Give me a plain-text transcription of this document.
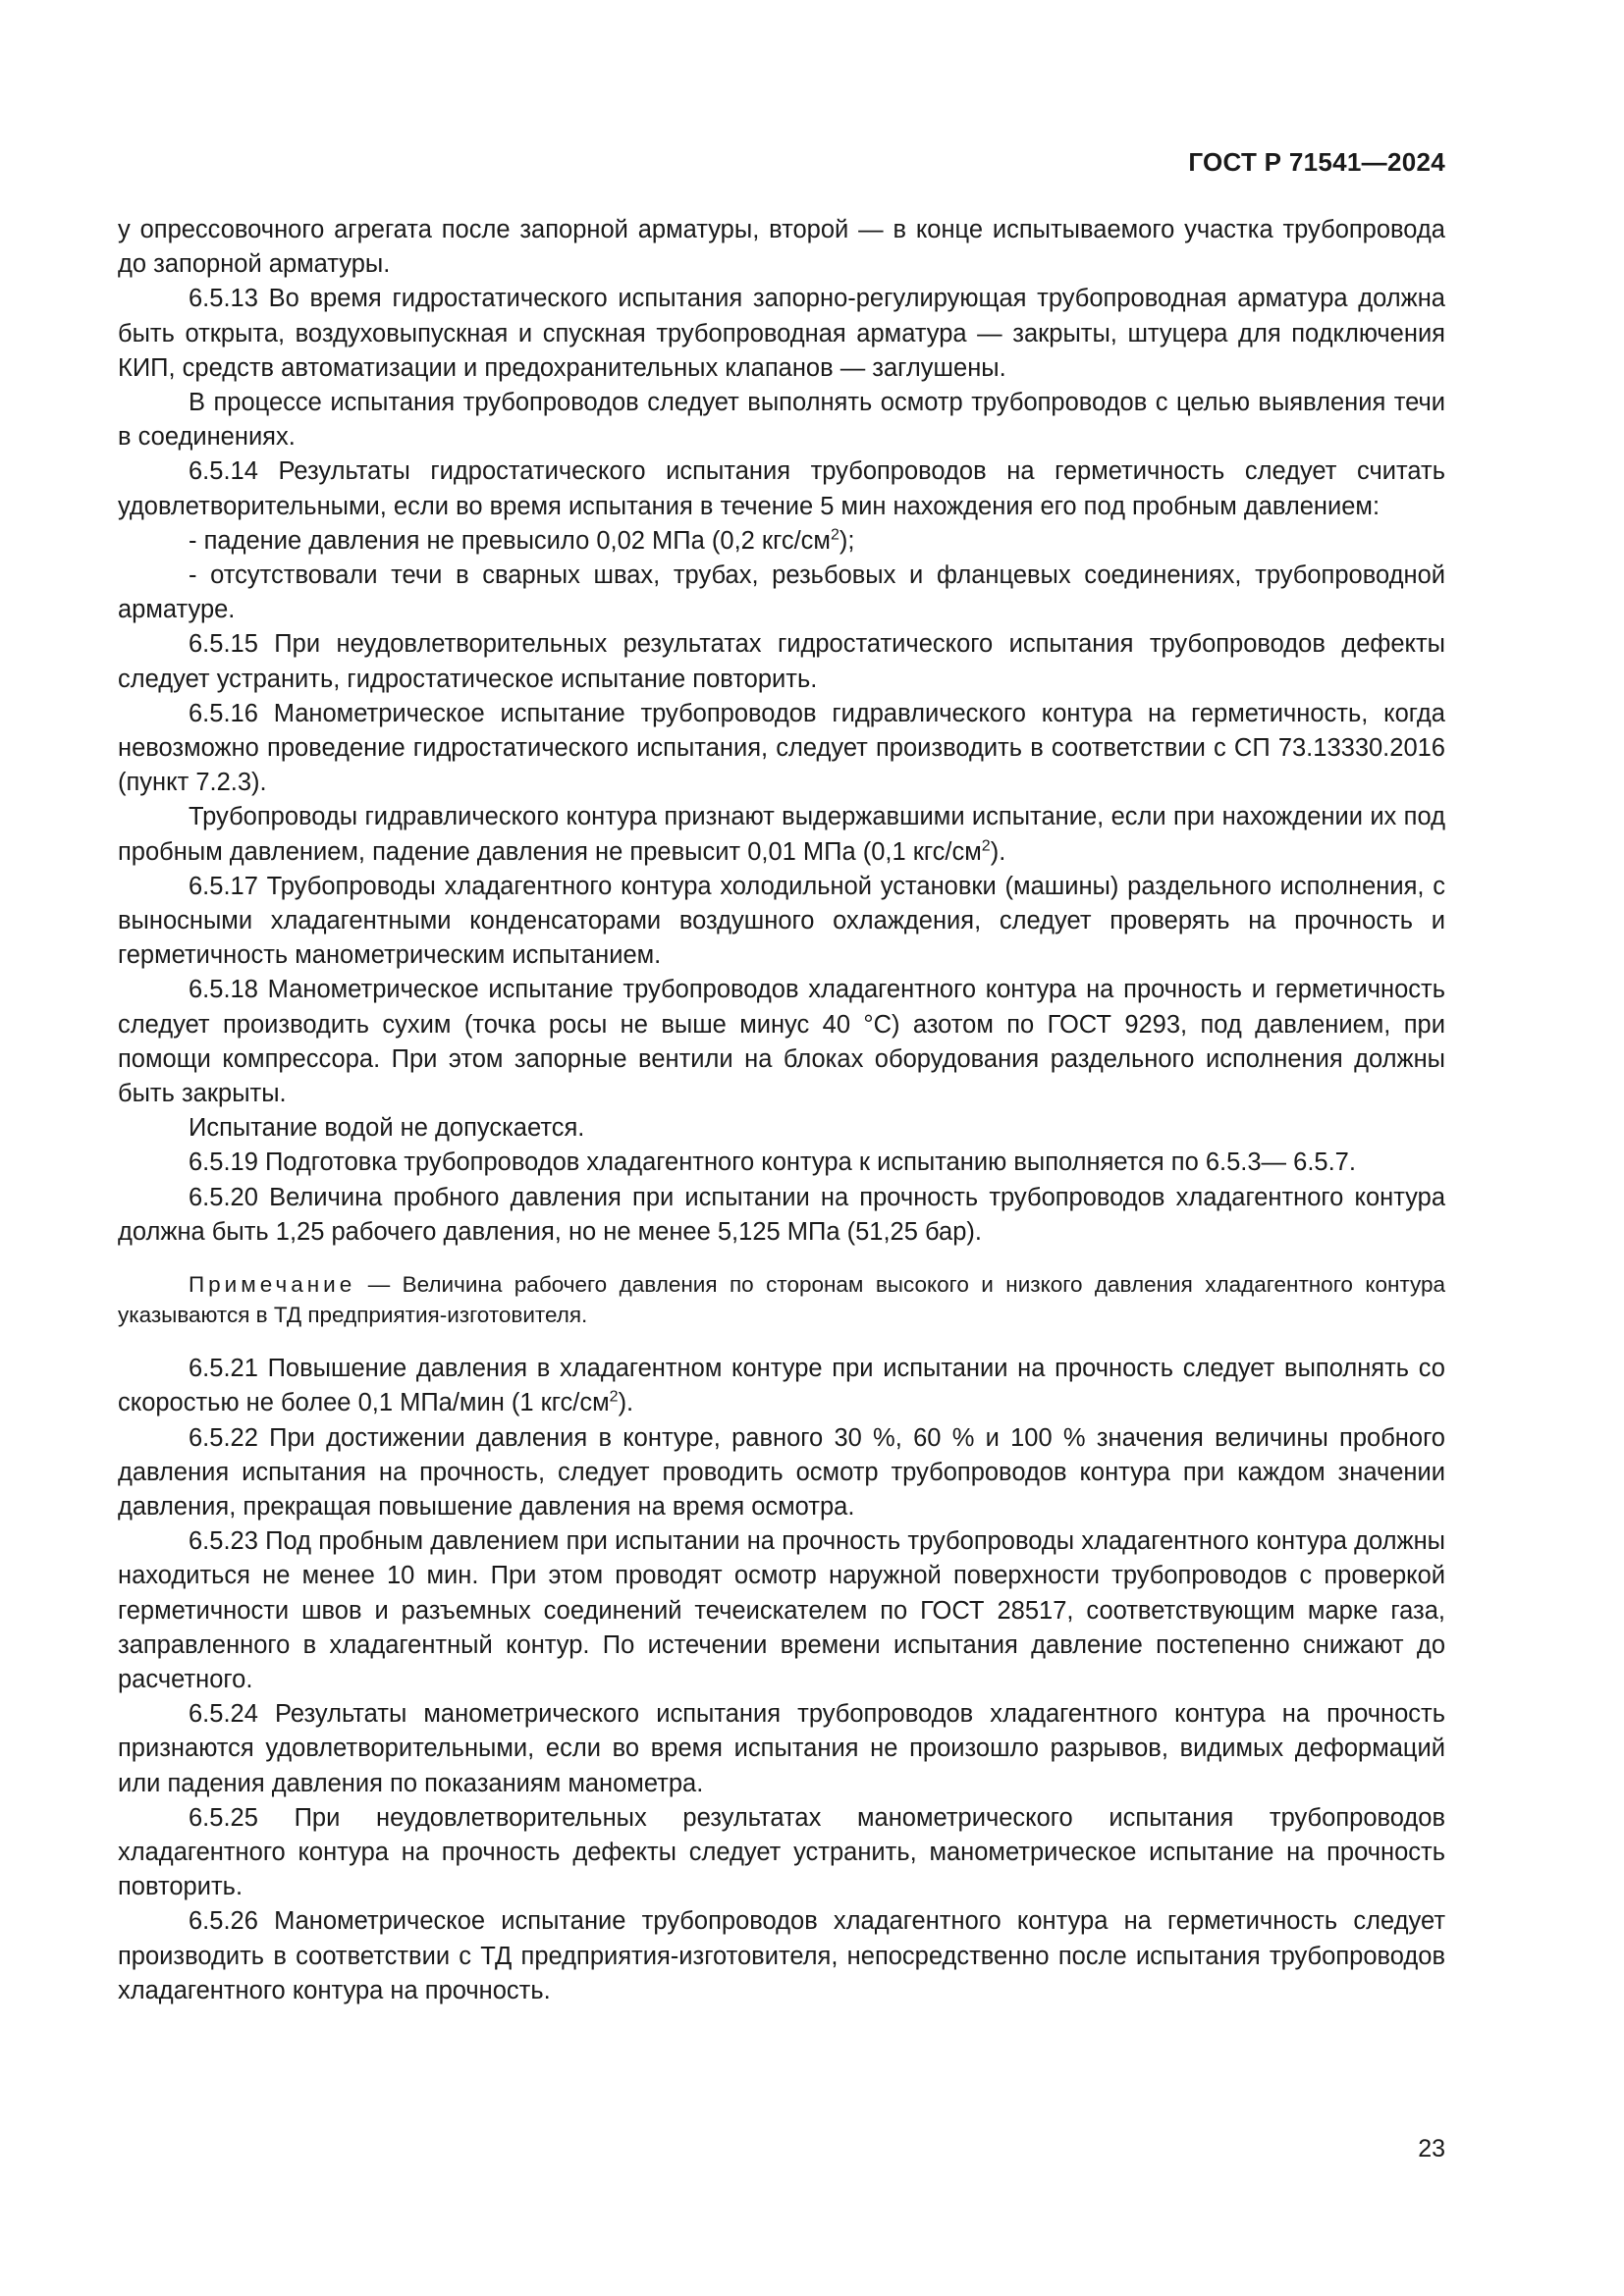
ГОСТ Р 71541—2024

у опрессовочного агрегата после запорной арматуры, второй — в конце испытываемого участка трубопровода до запорной арматуры.

6.5.13 Во время гидростатического испытания запорно-регулирующая трубопроводная арматура должна быть открыта, воздуховыпускная и спускная трубопроводная арматура — закрыты, штуцера для подключения КИП, средств автоматизации и предохранительных клапанов — заглушены.

В процессе испытания трубопроводов следует выполнять осмотр трубопроводов с целью выявления течи в соединениях.

6.5.14 Результаты гидростатического испытания трубопроводов на герметичность следует считать удовлетворительными, если во время испытания в течение 5 мин нахождения его под пробным давлением:

- падение давления не превысило 0,02 МПа (0,2 кгс/$см^2$);

- отсутствовали течи в сварных швах, трубах, резьбовых и фланцевых соединениях, трубопроводной арматуре.

6.5.15 При неудовлетворительных результатах гидростатического испытания трубопроводов дефекты следует устранить, гидростатическое испытание повторить.

6.5.16 Манометрическое испытание трубопроводов гидравлического контура на герметичность, когда невозможно проведение гидростатического испытания, следует производить в соответствии с СП 73.13330.2016 (пункт 7.2.3).

Трубопроводы гидравлического контура признают выдержавшими испытание, если при нахождении их под пробным давлением, падение давления не превысит 0,01 МПа (0,1 кгс/$см^2$).

6.5.17 Трубопроводы хладагентного контура холодильной установки (машины) раздельного исполнения, с выносными хладагентными конденсаторами воздушного охлаждения, следует проверять на прочность и герметичность манометрическим испытанием.

6.5.18 Манометрическое испытание трубопроводов хладагентного контура на прочность и герметичность следует производить сухим (точка росы не выше минус 40 °С) азотом по ГОСТ 9293, под давлением, при помощи компрессора. При этом запорные вентили на блоках оборудования раздельного исполнения должны быть закрыты.

Испытание водой не допускается.

6.5.19 Подготовка трубопроводов хладагентного контура к испытанию выполняется по 6.5.3— 6.5.7.

6.5.20 Величина пробного давления при испытании на прочность трубопроводов хладагентного контура должна быть 1,25 рабочего давления, но не менее 5,125 МПа (51,25 бар).

Примечание — Величина рабочего давления по сторонам высокого и низкого давления хладагентного контура указываются в ТД предприятия-изготовителя.

6.5.21 Повышение давления в хладагентном контуре при испытании на прочность следует выполнять со скоростью не более 0,1 МПа/мин (1 кгс/$см^2$).

6.5.22 При достижении давления в контуре, равного 30 %, 60 % и 100 % значения величины пробного давления испытания на прочность, следует проводить осмотр трубопроводов контура при каждом значении давления, прекращая повышение давления на время осмотра.

6.5.23 Под пробным давлением при испытании на прочность трубопроводы хладагентного контура должны находиться не менее 10 мин. При этом проводят осмотр наружной поверхности трубопроводов с проверкой герметичности швов и разъемных соединений течеискателем по ГОСТ 28517, соответствующим марке газа, заправленного в хладагентный контур. По истечении времени испытания давление постепенно снижают до расчетного.

6.5.24 Результаты манометрического испытания трубопроводов хладагентного контура на прочность признаются удовлетворительными, если во время испытания не произошло разрывов, видимых деформаций или падения давления по показаниям манометра.

6.5.25 При неудовлетворительных результатах манометрического испытания трубопроводов хладагентного контура на прочность дефекты следует устранить, манометрическое испытание на прочность повторить.

6.5.26 Манометрическое испытание трубопроводов хладагентного контура на герметичность следует производить в соответствии с ТД предприятия-изготовителя, непосредственно после испытания трубопроводов хладагентного контура на прочность.

23
